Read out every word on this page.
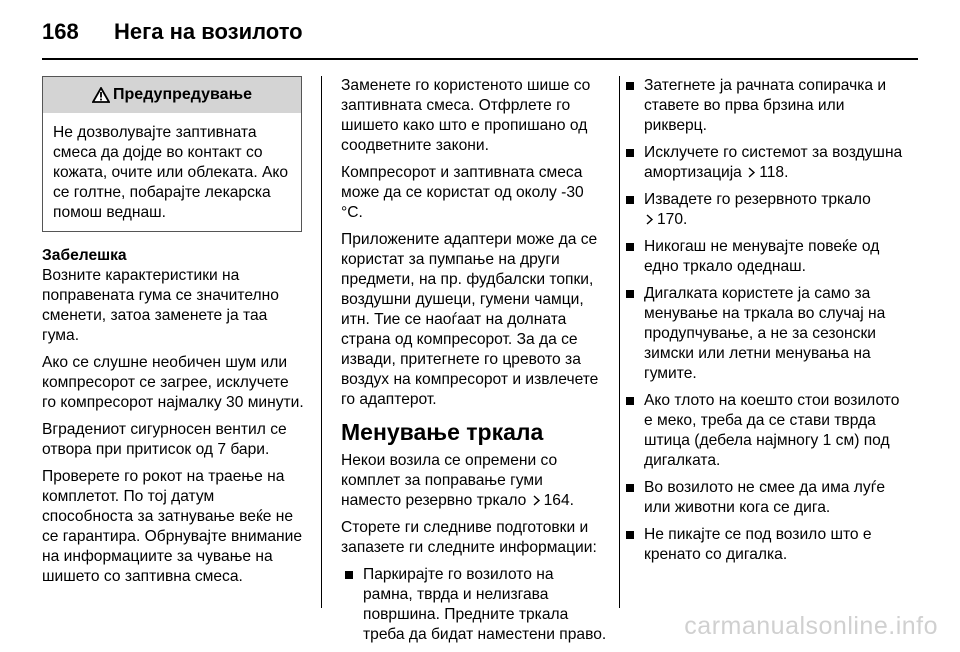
168	Нега на возилото
Предупредување
Не дозволувајте заптивната смеса да дојде во контакт со кожата, очите или облеката. Ако се голтне, побарајте лекарска помош веднаш.
Забелешка

Возните карактеристики на поправената гума се значително сменети, затоа заменете ја таа гума.

Ако се слушне необичен шум или компресорот се загрее, исклучете го компресорот најмалку 30 минути.

Вградениот сигурносен вентил се отвора при притисок од 7 бари.

Проверете го рокот на траење на комплетот. По тој датум способноста за затнување веќе не се гарантира. Обрнувајте внимание на информациите за чување на шишето со заптивна смеса.

Заменете го користеното шише со заптивната смеса. Отфрлете го шишето како што е пропишано од соодветните закони.

Компресорот и заптивната смеса може да се користат од околу -30 °C.

Приложените адаптери може да се користат за пумпање на други предмети, на пр. фудбалски топки, воздушни душеци, гумени чамци, итн. Тие се наоѓаат на долната страна од компресорот. За да се извади, притегнете го цревото за воздух на компресорот и извлечете го адаптерот.

Менување тркала

Некои возила се опремени со комплет за поправање гуми наместо резервно тркало 164.

Сторете ги следниве подготовки и запазете ги следните информации:

Паркирајте го возилото на рамна, тврда и нелизгава површина. Предните тркала треба да бидат наместени право.
Затегнете ја рачната сопирачка и ставете во прва брзина или рикверц.
Исклучете го системот за воздушна амортизација 118.
Извадете го резервното тркало
170.
Никогаш не менувајте повеќе од едно тркало одеднаш.
Дигалката користете ја само за менување на тркала во случај на продупчување, а не за сезонски зимски или летни менувања на гумите.
Ако тлото на коешто стои возилото е меко, треба да се стави тврда штица (дебела најмногу 1 см) под дигалката.
Во возилото не смее да има луѓе или животни кога се дига.
Не пикајте се под возило што е кренато со дигалка.
carmanualsonline.info
